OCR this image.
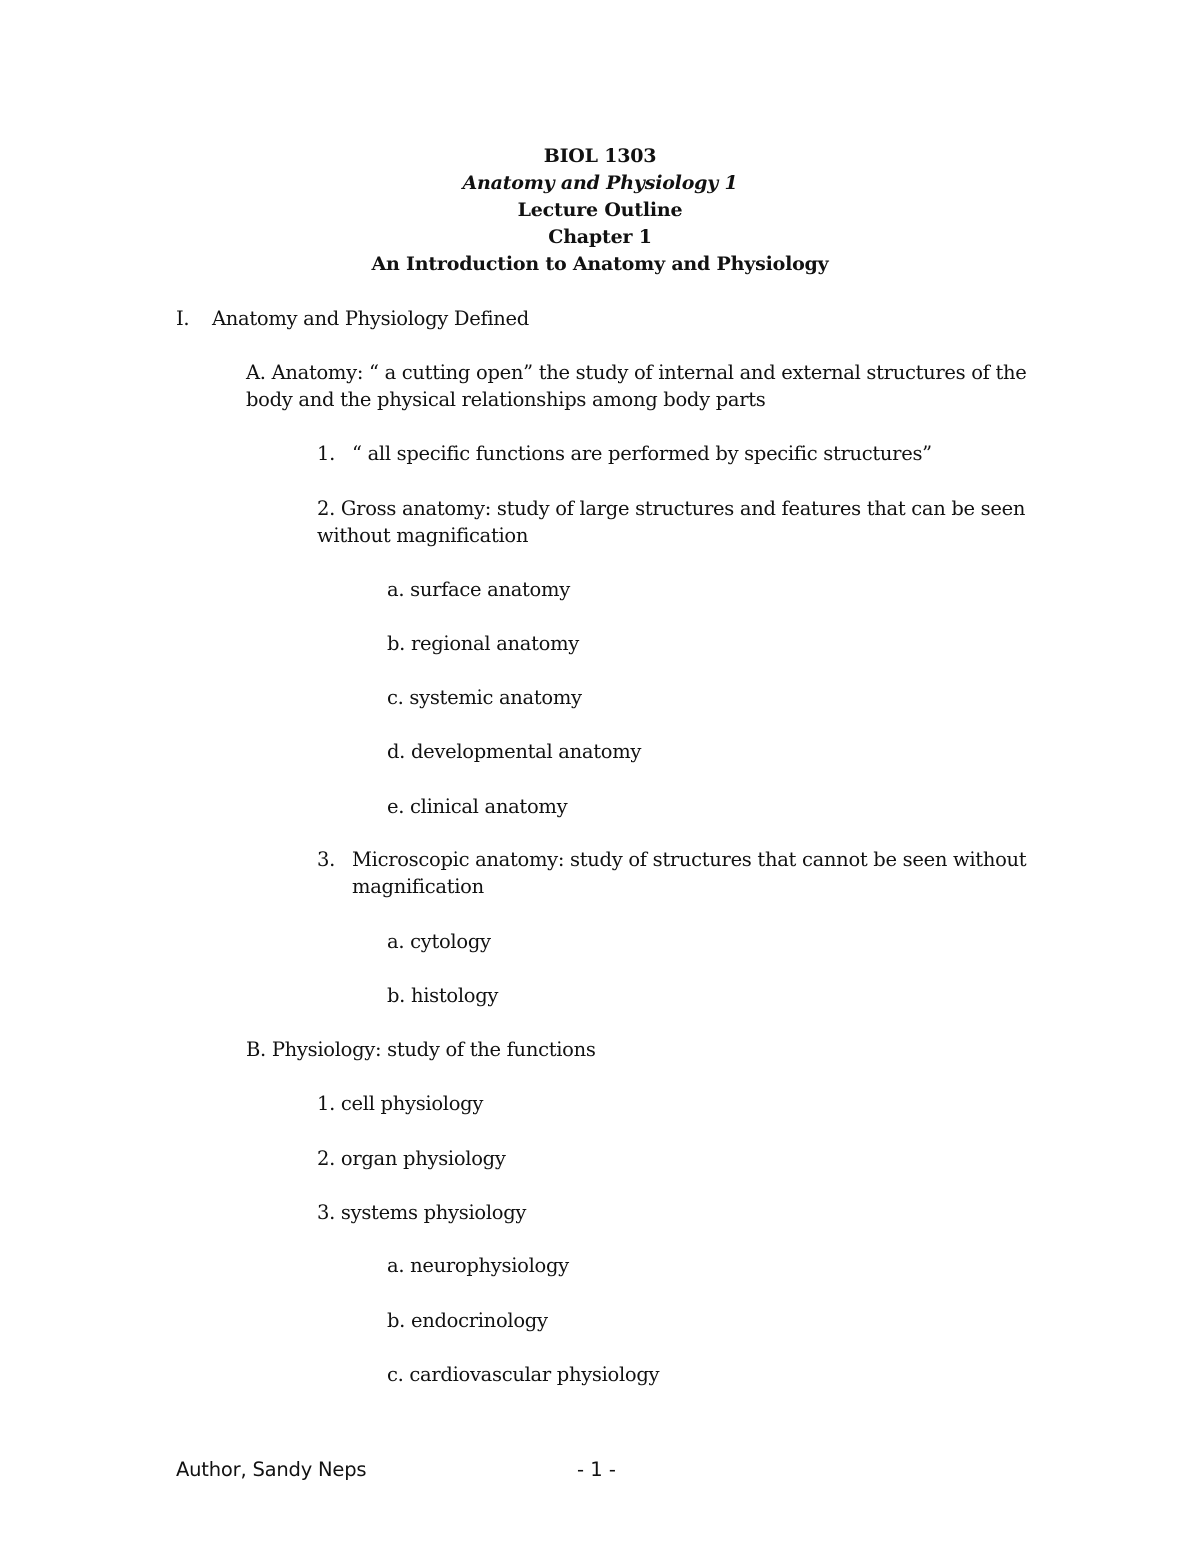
BIOL 1303
Anatomy and Physiology 1
Lecture Outline
Chapter 1
An Introduction to Anatomy and Physiology
I. Anatomy and Physiology Defined
A. Anatomy: “ a cutting open” the study of internal and external structures of the
body and the physical relationships among body parts
1. “ all specific functions are performed by specific structures”
2. Gross anatomy: study of large structures and features that can be seen
without magnification
a. surface anatomy
b. regional anatomy
c. systemic anatomy
d. developmental anatomy
e. clinical anatomy
3. Microscopic anatomy: study of structures that cannot be seen without
magnification
a. cytology
b. histology
B. Physiology: study of the functions
1. cell physiology
2. organ physiology
3. systems physiology
a. neurophysiology
b. endocrinology
c. cardiovascular physiology
Author, Sandy Neps	- 1 -
